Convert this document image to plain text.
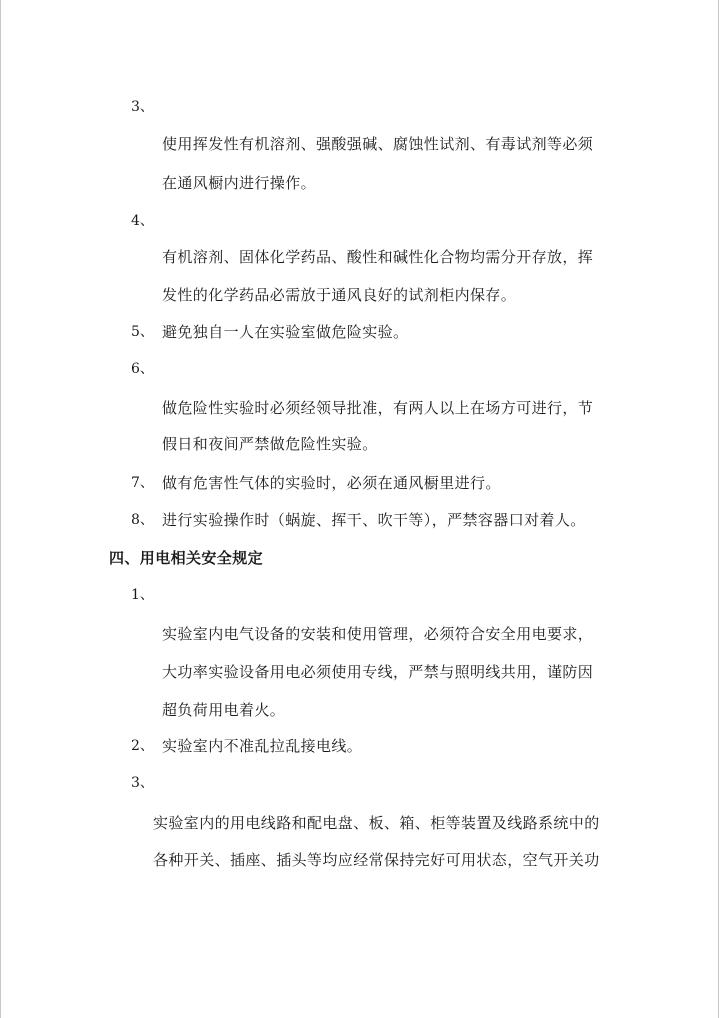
3、
使用挥发性有机溶剂、强酸强碱、腐蚀性试剂、有毒试剂等必须
在通风橱内进行操作。
4、
有机溶剂、固体化学药品、酸性和碱性化合物均需分开存放，挥
发性的化学药品必需放于通风良好的试剂柜内保存。
5、 避免独自一人在实验室做危险实验。
6、
做危险性实验时必须经领导批准，有两人以上在场方可进行，节
假日和夜间严禁做危险性实验。
7、 做有危害性气体的实验时，必须在通风橱里进行。
8、 进行实验操作时（蜗旋、挥干、吹干等），严禁容器口对着人。
四、用电相关安全规定
1、
实验室内电气设备的安装和使用管理，必须符合安全用电要求，
大功率实验设备用电必须使用专线，严禁与照明线共用，谨防因
超负荷用电着火。
2、 实验室内不准乱拉乱接电线。
3、
实验室内的用电线路和配电盘、板、箱、柜等装置及线路系统中的
各种开关、插座、插头等均应经常保持完好可用状态，空气开关功
